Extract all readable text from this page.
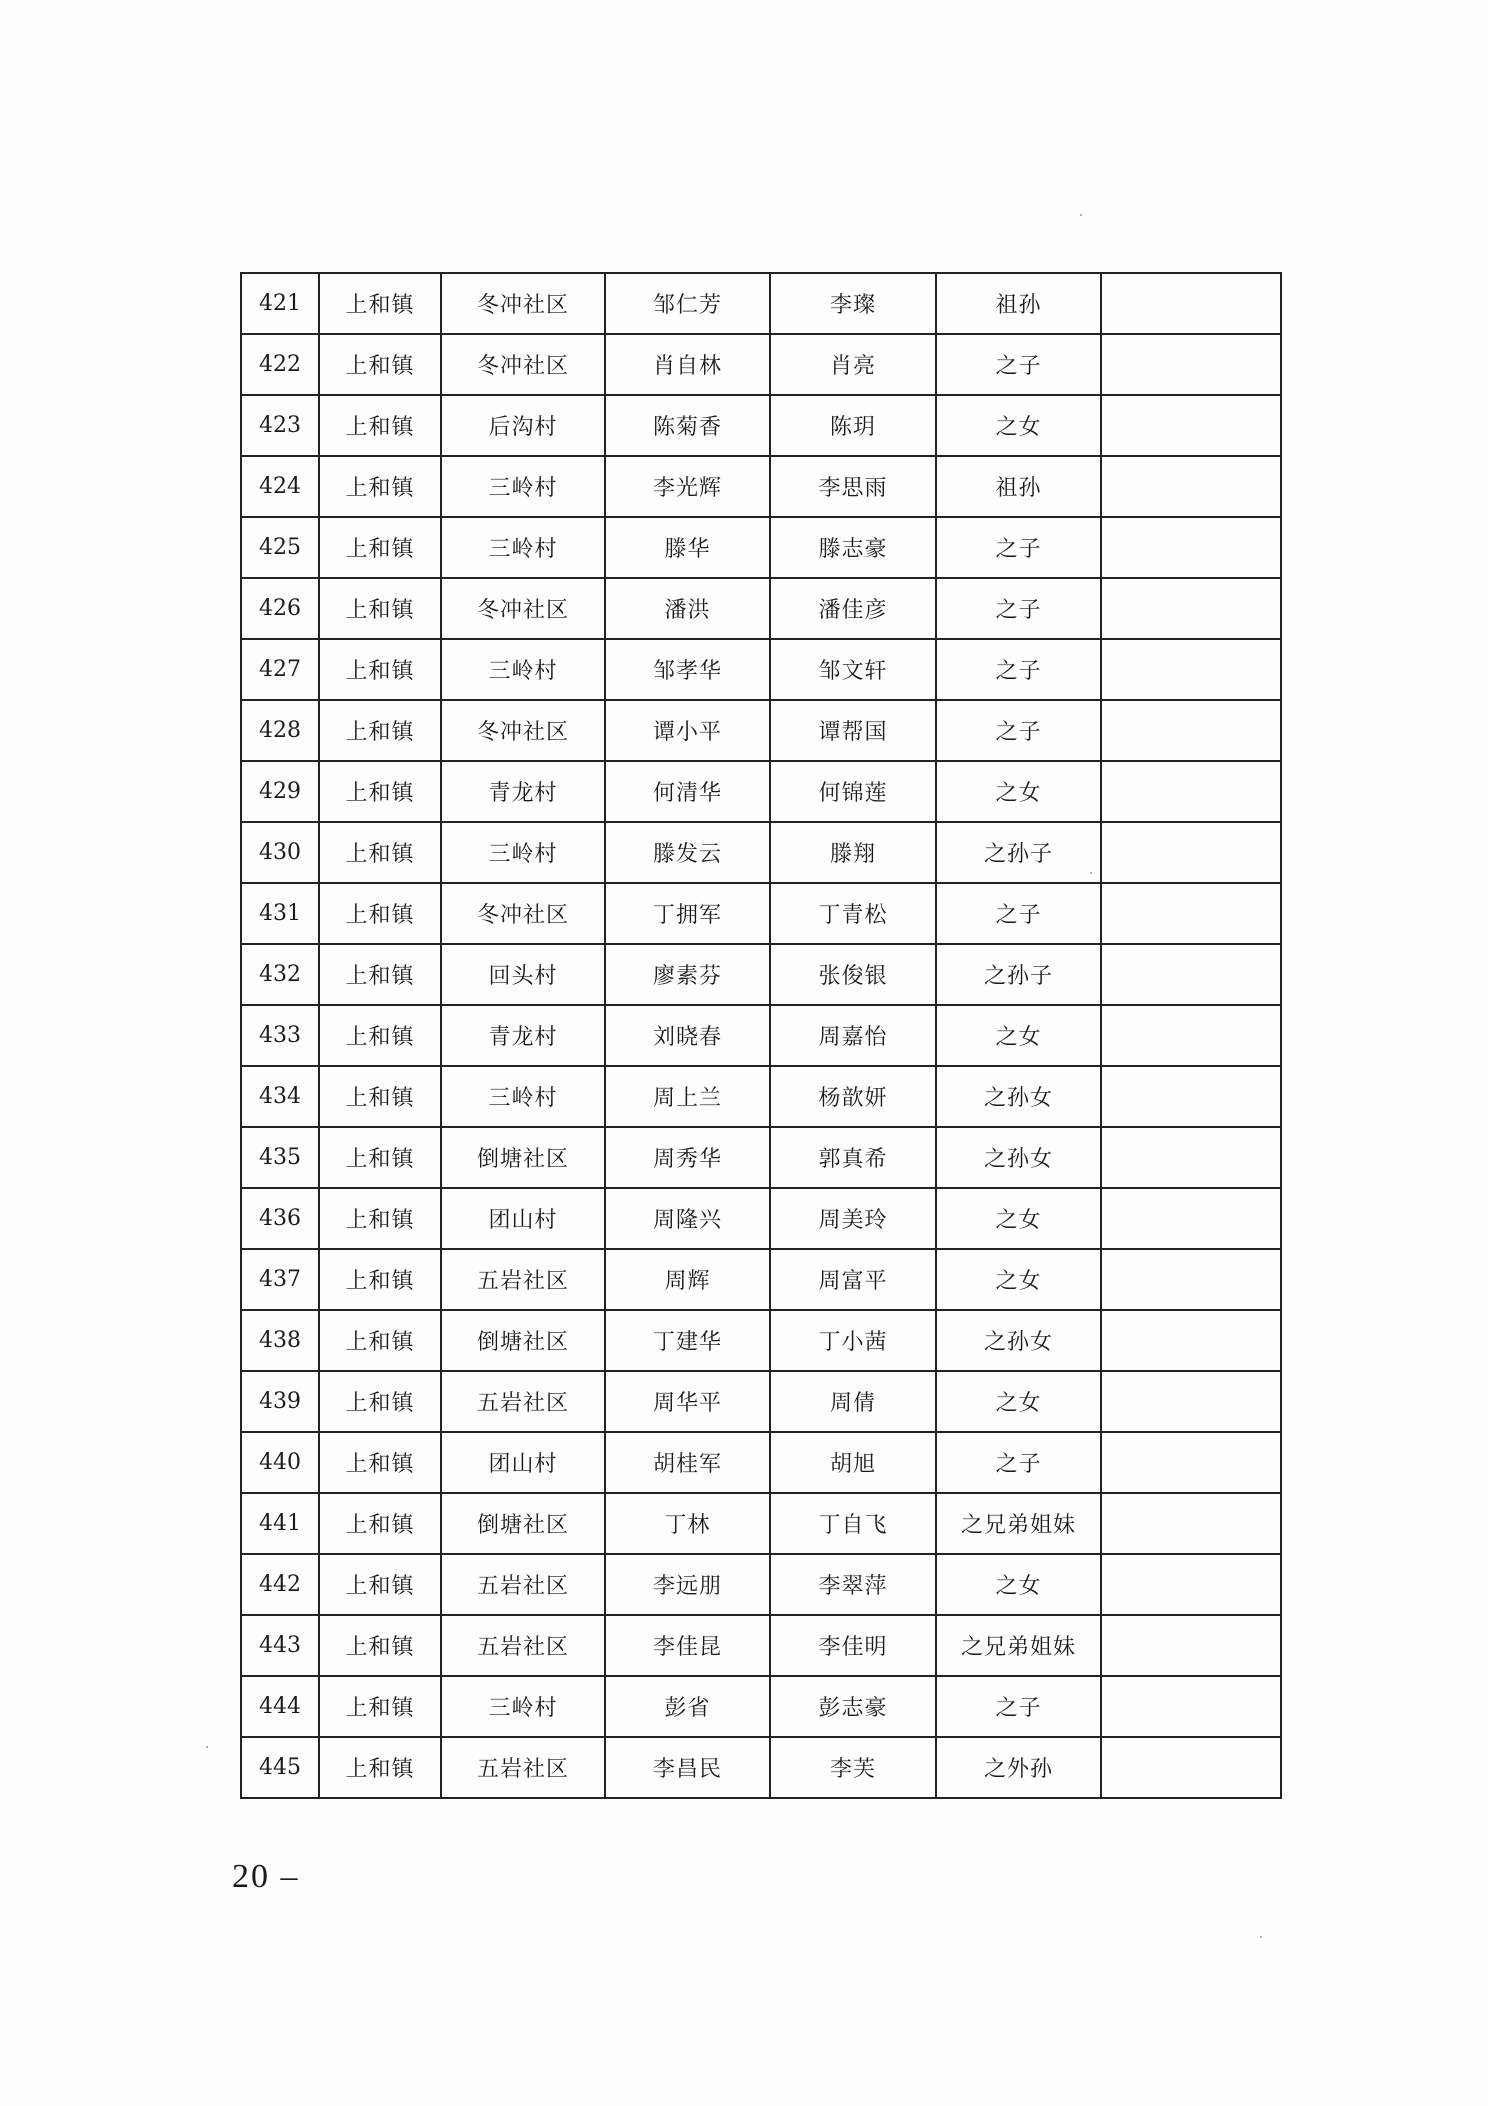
421	上和镇	冬冲社区	邹仁芳	李璨	祖孙	
422	上和镇	冬冲社区	肖自林	肖亮	之子	
423	上和镇	后沟村	陈菊香	陈玥	之女	
424	上和镇	三岭村	李光辉	李思雨	祖孙	
425	上和镇	三岭村	滕华	滕志豪	之子	
426	上和镇	冬冲社区	潘洪	潘佳彦	之子	
427	上和镇	三岭村	邹孝华	邹文轩	之子	
428	上和镇	冬冲社区	谭小平	谭帮国	之子	
429	上和镇	青龙村	何清华	何锦莲	之女	
430	上和镇	三岭村	滕发云	滕翔	之孙子	
431	上和镇	冬冲社区	丁拥军	丁青松	之子	
432	上和镇	回头村	廖素芬	张俊银	之孙子	
433	上和镇	青龙村	刘晓春	周嘉怡	之女	
434	上和镇	三岭村	周上兰	杨歆妍	之孙女	
435	上和镇	倒塘社区	周秀华	郭真希	之孙女	
436	上和镇	团山村	周隆兴	周美玲	之女	
437	上和镇	五岩社区	周辉	周富平	之女	
438	上和镇	倒塘社区	丁建华	丁小茜	之孙女	
439	上和镇	五岩社区	周华平	周倩	之女	
440	上和镇	团山村	胡桂军	胡旭	之子	
441	上和镇	倒塘社区	丁林	丁自飞	之兄弟姐妹	
442	上和镇	五岩社区	李远朋	李翠萍	之女	
443	上和镇	五岩社区	李佳昆	李佳明	之兄弟姐妹	
444	上和镇	三岭村	彭省	彭志豪	之子	
445	上和镇	五岩社区	李昌民	李芙	之外孙	
20 –
